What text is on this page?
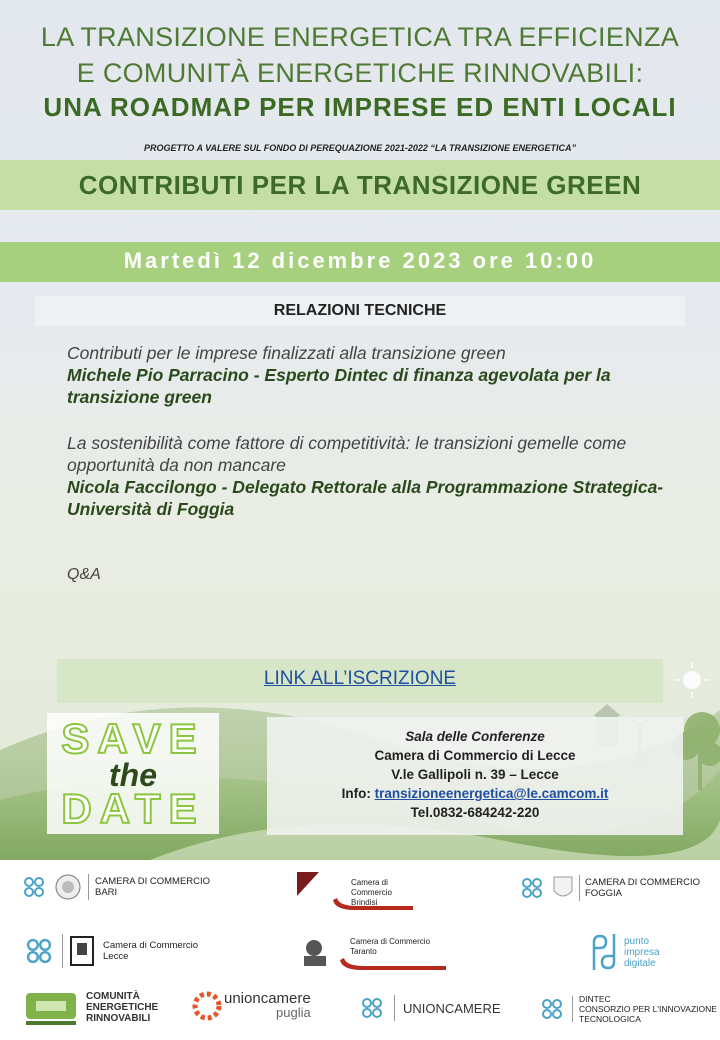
LA TRANSIZIONE ENERGETICA TRA EFFICIENZA
E COMUNITÀ ENERGETICHE RINNOVABILI:
UNA ROADMAP PER IMPRESE ED ENTI LOCALI
PROGETTO A VALERE SUL FONDO DI PEREQUAZIONE 2021-2022 “LA TRANSIZIONE ENERGETICA”
CONTRIBUTI PER LA TRANSIZIONE GREEN
Martedì 12 dicembre 2023 ore 10:00
RELAZIONI TECNICHE
Contributi per le imprese finalizzati alla transizione green
Michele Pio Parracino - Esperto Dintec di finanza agevolata per la transizione green
La sostenibilità come fattore di competitività: le transizioni gemelle come opportunità da non mancare
Nicola Faccilongo - Delegato Rettorale alla Programmazione Strategica- Università di Foggia
Q&A
LINK ALL’ISCRIZIONE
SAVE
the
DATE
Sala delle Conferenze
Camera di Commercio di Lecce
V.le Gallipoli n. 39 – Lecce
Info: transizioneenergetica@le.camcom.it
Tel.0832-684242-220
CAMERA DI COMMERCIO
BARI
Camera di Commercio
Brindisi
CAMERA DI COMMERCIO
FOGGIA
Camera di Commercio
Lecce
Camera di Commercio
Taranto
punto
impresa
digitale
COMUNITÀ
ENERGETICHE
RINNOVABILI
unioncamere
puglia	UNIONCAMERE
DINTEC
CONSORZIO PER L'INNOVAZIONE
TECNOLOGICA
